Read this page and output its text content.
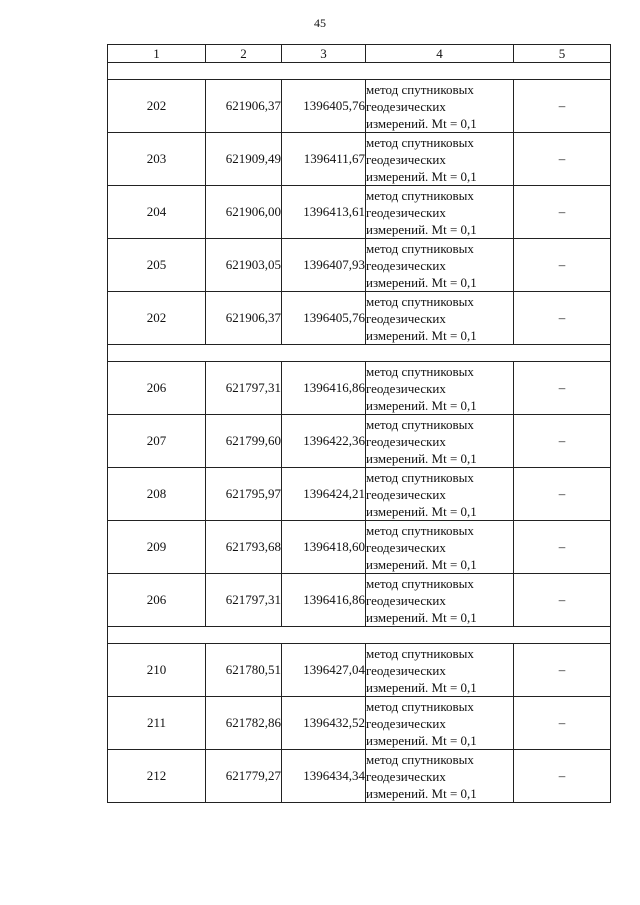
45
1	2	3	4	5

202	621906,37	1396405,76	метод спутниковых
геодезических
измерений. Mt = 0,1	–
203	621909,49	1396411,67	метод спутниковых
геодезических
измерений. Mt = 0,1	–
204	621906,00	1396413,61	метод спутниковых
геодезических
измерений. Mt = 0,1	–
205	621903,05	1396407,93	метод спутниковых
геодезических
измерений. Mt = 0,1	–
202	621906,37	1396405,76	метод спутниковых
геодезических
измерений. Mt = 0,1	–

206	621797,31	1396416,86	метод спутниковых
геодезических
измерений. Mt = 0,1	–
207	621799,60	1396422,36	метод спутниковых
геодезических
измерений. Mt = 0,1	–
208	621795,97	1396424,21	метод спутниковых
геодезических
измерений. Mt = 0,1	–
209	621793,68	1396418,60	метод спутниковых
геодезических
измерений. Mt = 0,1	–
206	621797,31	1396416,86	метод спутниковых
геодезических
измерений. Mt = 0,1	–

210	621780,51	1396427,04	метод спутниковых
геодезических
измерений. Mt = 0,1	–
211	621782,86	1396432,52	метод спутниковых
геодезических
измерений. Mt = 0,1	–
212	621779,27	1396434,34	метод спутниковых
геодезических
измерений. Mt = 0,1	–
